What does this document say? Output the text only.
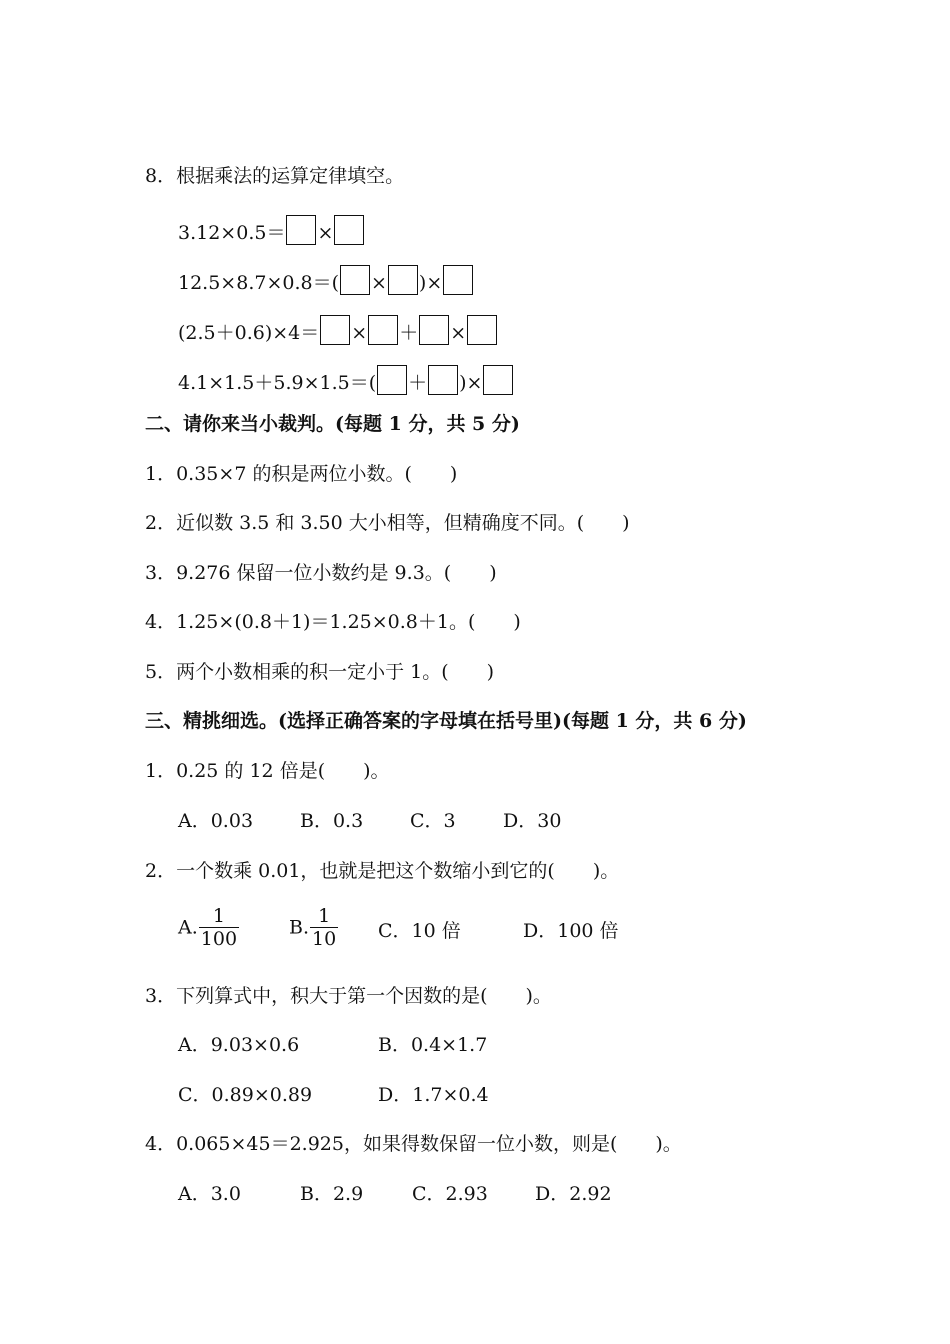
8．根据乘法的运算定律填空。
3.12×0.5＝ ×
12.5×8.7×0.8＝( × )×
(2.5＋0.6)×4＝ × ＋ ×
4.1×1.5＋5.9×1.5＝( ＋ )×
二、请你来当小裁判。(每题 1 分，共 5 分)
1．0.35×7 的积是两位小数。(　　)
2．近似数 3.5 和 3.50 大小相等，但精确度不同。(　　)
3．9.276 保留一位小数约是 9.3。(　　)
4．1.25×(0.8＋1)＝1.25×0.8＋1。(　　)
5．两个小数相乘的积一定小于 1。(　　)
三、精挑细选。(选择正确答案的字母填在括号里)(每题 1 分，共 6 分)
1．0.25 的 12 倍是(　　)。
A．0.03 B．0.3 C．3 D．30
2．一个数乘 0.01，也就是把这个数缩小到它的(　　)。
A. $\frac{1}{100}$	B. $\frac{1}{10}$ C．10 倍	D．100 倍
3．下列算式中，积大于第一个因数的是(　　)。
A．9.03×0.6	B．0.4×1.7
C．0.89×0.89	D．1.7×0.4
4．0.065×45＝2.925，如果得数保留一位小数，则是(　　)。
A．3.0	B．2.9	C．2.93 D．2.92
